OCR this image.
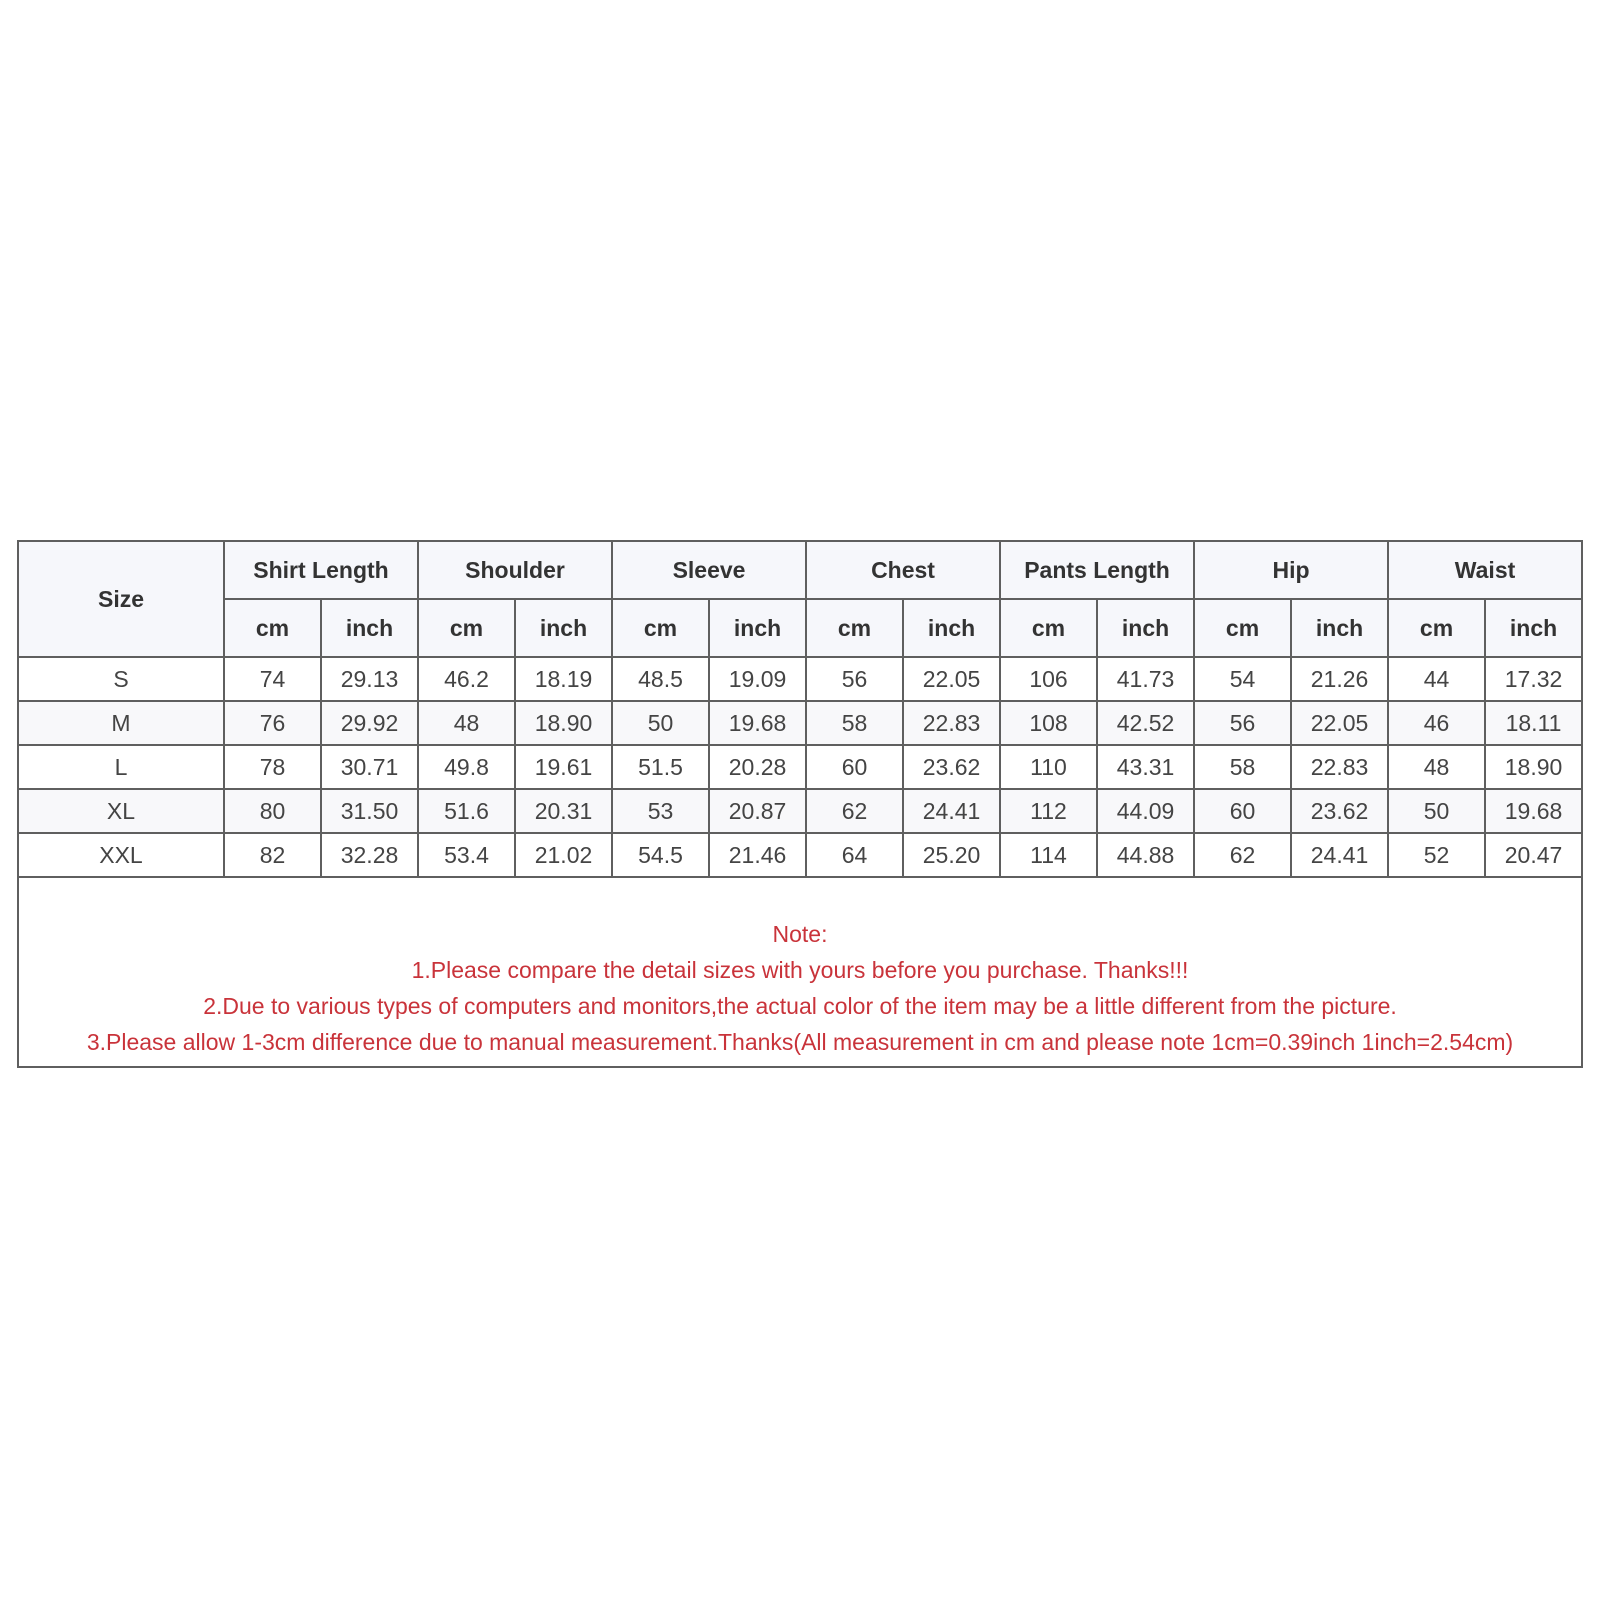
Size	Shirt Length		Shoulder		Sleeve		Chest		Pants Length		Hip		Waist	
	cm	inch	cm	inch	cm	inch	cm	inch	cm	inch	cm	inch	cm	inch
S	74	29.13	46.2	18.19	48.5	19.09	56	22.05	106	41.73	54	21.26	44	17.32
M	76	29.92	48	18.90	50	19.68	58	22.83	108	42.52	56	22.05	46	18.11
L	78	30.71	49.8	19.61	51.5	20.28	60	23.62	110	43.31	58	22.83	48	18.90
XL	80	31.50	51.6	20.31	53	20.87	62	24.41	112	44.09	60	23.62	50	19.68
XXL	82	32.28	53.4	21.02	54.5	21.46	64	25.20	114	44.88	62	24.41	52	20.47

Note:
1.Please compare the detail sizes with yours before you purchase. Thanks!!!
2.Due to various types of computers and monitors,the actual color of the item may be a little different from the picture.
3.Please allow 1-3cm difference due to manual measurement.Thanks(All measurement in cm and please note 1cm=0.39inch 1inch=2.54cm)														
